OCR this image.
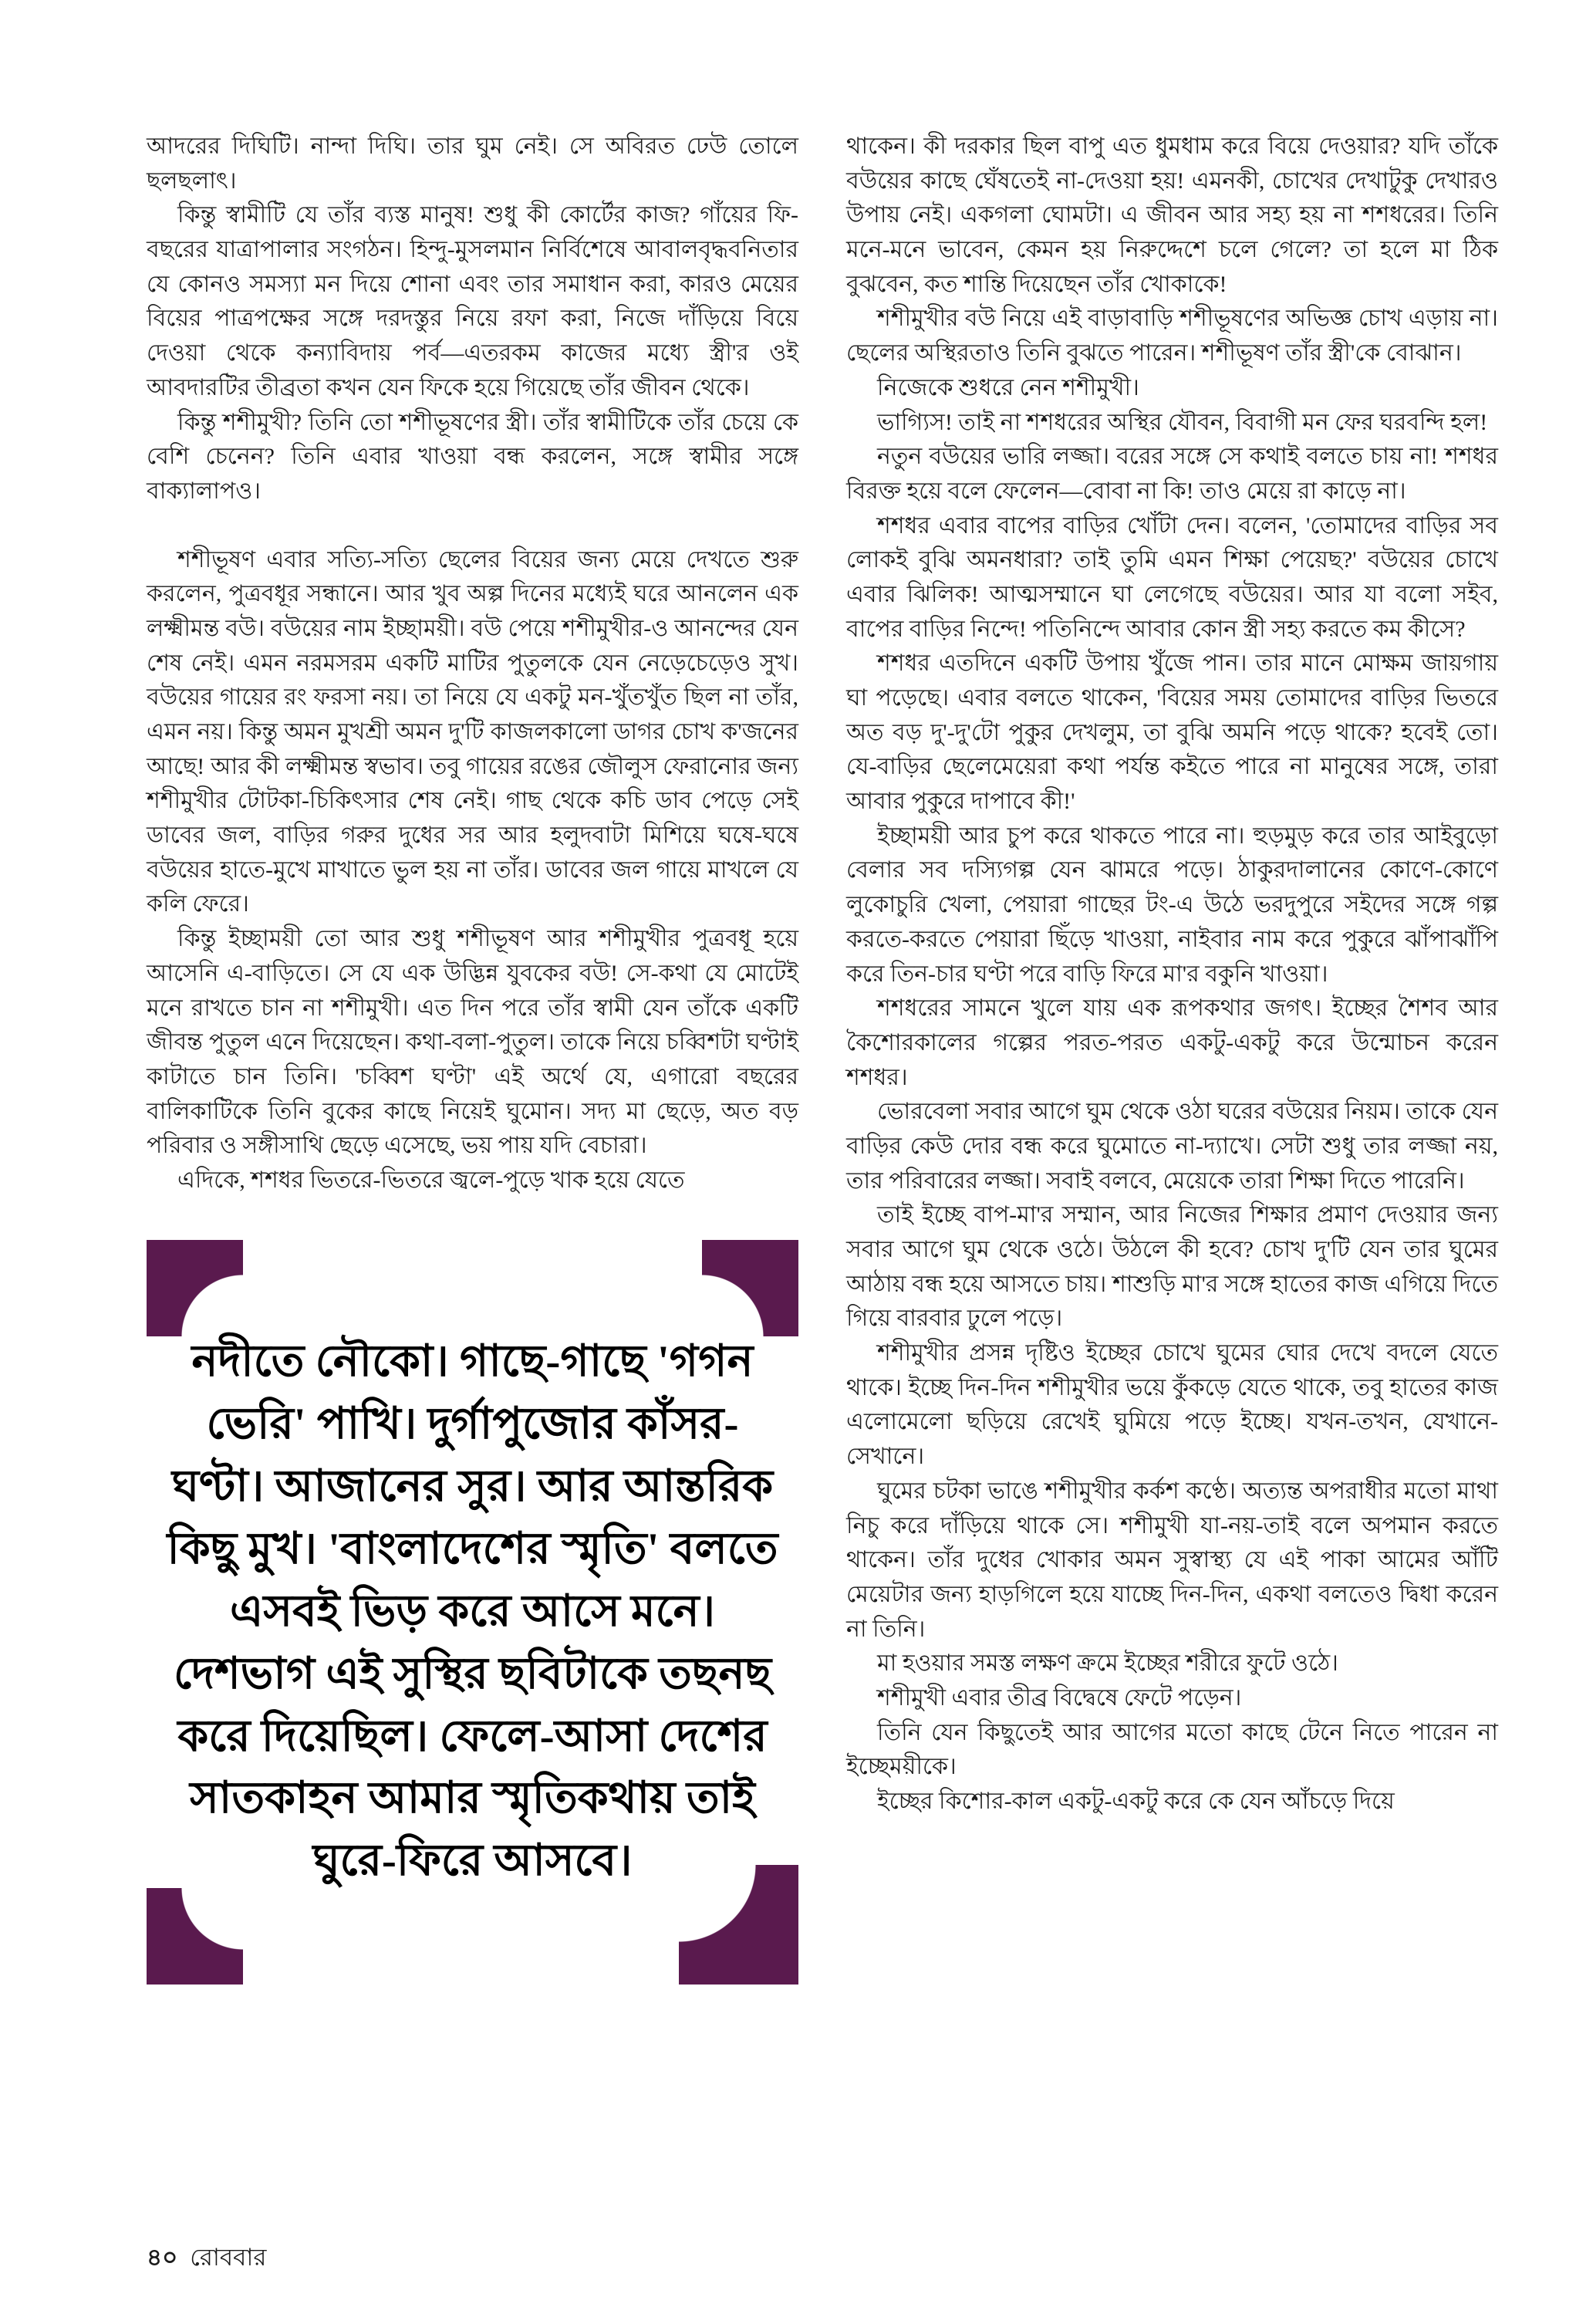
আদরের দিঘিটি। নান্দা দিঘি। তার ঘুম নেই। সে অবিরত ঢেউ তোলে ছলছলাৎ।

কিন্তু স্বামীটি যে তাঁর ব্যস্ত মানুষ! শুধু কী কোর্টের কাজ? গাঁয়ের ফি-বছরের যাত্রাপালার সংগঠন। হিন্দু-মুসলমান নির্বিশেষে আবালবৃদ্ধবনিতার যে কোনও সমস্যা মন দিয়ে শোনা এবং তার সমাধান করা, কারও মেয়ের বিয়ের পাত্রপক্ষের সঙ্গে দরদস্তুর নিয়ে রফা করা, নিজে দাঁড়িয়ে বিয়ে দেওয়া থেকে কন্যাবিদায় পর্ব—এতরকম কাজের মধ্যে স্ত্রী'র ওই আবদারটির তীব্রতা কখন যেন ফিকে হয়ে গিয়েছে তাঁর জীবন থেকে।

কিন্তু শশীমুখী? তিনি তো শশীভূষণের স্ত্রী। তাঁর স্বামীটিকে তাঁর চেয়ে কে বেশি চেনেন? তিনি এবার খাওয়া বন্ধ করলেন, সঙ্গে স্বামীর সঙ্গে বাক্যালাপও।

শশীভূষণ এবার সত্যি-সত্যি ছেলের বিয়ের জন্য মেয়ে দেখতে শুরু করলেন, পুত্রবধূর সন্ধানে। আর খুব অল্প দিনের মধ্যেই ঘরে আনলেন এক লক্ষ্মীমন্ত বউ। বউয়ের নাম ইচ্ছাময়ী। বউ পেয়ে শশীমুখীর-ও আনন্দের যেন শেষ নেই। এমন নরমসরম একটি মাটির পুতুলকে যেন নেড়েচেড়েও সুখ। বউয়ের গায়ের রং ফরসা নয়। তা নিয়ে যে একটু মন-খুঁতখুঁত ছিল না তাঁর, এমন নয়। কিন্তু অমন মুখশ্রী অমন দু'টি কাজলকালো ডাগর চোখ ক'জনের আছে! আর কী লক্ষ্মীমন্ত স্বভাব। তবু গায়ের রঙের জৌলুস ফেরানোর জন্য শশীমুখীর টোটকা-চিকিৎসার শেষ নেই। গাছ থেকে কচি ডাব পেড়ে সেই ডাবের জল, বাড়ির গরুর দুধের সর আর হলুদবাটা মিশিয়ে ঘষে-ঘষে বউয়ের হাতে-মুখে মাখাতে ভুল হয় না তাঁর। ডাবের জল গায়ে মাখলে যে কলি ফেরে।

কিন্তু ইচ্ছাময়ী তো আর শুধু শশীভূষণ আর শশীমুখীর পুত্রবধূ হয়ে আসেনি এ-বাড়িতে। সে যে এক উদ্ভিন্ন যুবকের বউ! সে-কথা যে মোটেই মনে রাখতে চান না শশীমুখী। এত দিন পরে তাঁর স্বামী যেন তাঁকে একটি জীবন্ত পুতুল এনে দিয়েছেন। কথা-বলা-পুতুল। তাকে নিয়ে চব্বিশটা ঘণ্টাই কাটাতে চান তিনি। 'চব্বিশ ঘণ্টা' এই অর্থে যে, এগারো বছরের বালিকাটিকে তিনি বুকের কাছে নিয়েই ঘুমোন। সদ্য মা ছেড়ে, অত বড় পরিবার ও সঙ্গীসাথি ছেড়ে এসেছে, ভয় পায় যদি বেচারা।

এদিকে, শশধর ভিতরে-ভিতরে জ্বলে-পুড়ে খাক হয়ে যেতে

নদীতে নৌকো। গাছে-গাছে 'গগন ভেরি' পাখি। দুর্গাপুজোর কাঁসর-ঘণ্টা। আজানের সুর। আর আন্তরিক কিছু মুখ। 'বাংলাদেশের স্মৃতি' বলতে এসবই ভিড় করে আসে মনে। দেশভাগ এই সুস্থির ছবিটাকে তছনছ করে দিয়েছিল। ফেলে-আসা দেশের সাতকাহন আমার স্মৃতিকথায় তাই ঘুরে-ফিরে আসবে।

থাকেন। কী দরকার ছিল বাপু এত ধুমধাম করে বিয়ে দেওয়ার? যদি তাঁকে বউয়ের কাছে ঘেঁষতেই না-দেওয়া হয়! এমনকী, চোখের দেখাটুকু দেখারও উপায় নেই। একগলা ঘোমটা। এ জীবন আর সহ্য হয় না শশধরের। তিনি মনে-মনে ভাবেন, কেমন হয় নিরুদ্দেশে চলে গেলে? তা হলে মা ঠিক বুঝবেন, কত শান্তি দিয়েছেন তাঁর খোকাকে!

শশীমুখীর বউ নিয়ে এই বাড়াবাড়ি শশীভূষণের অভিজ্ঞ চোখ এড়ায় না। ছেলের অস্থিরতাও তিনি বুঝতে পারেন। শশীভূষণ তাঁর স্ত্রী'কে বোঝান।

নিজেকে শুধরে নেন শশীমুখী।

ভাগ্যিস! তাই না শশধরের অস্থির যৌবন, বিবাগী মন ফের ঘরবন্দি হল!

নতুন বউয়ের ভারি লজ্জা। বরের সঙ্গে সে কথাই বলতে চায় না! শশধর বিরক্ত হয়ে বলে ফেলেন—বোবা না কি! তাও মেয়ে রা কাড়ে না।

শশধর এবার বাপের বাড়ির খোঁটা দেন। বলেন, 'তোমাদের বাড়ির সব লোকই বুঝি অমনধারা? তাই তুমি এমন শিক্ষা পেয়েছ?' বউয়ের চোখে এবার ঝিলিক! আত্মসম্মানে ঘা লেগেছে বউয়ের। আর যা বলো সইব, বাপের বাড়ির নিন্দে! পতিনিন্দে আবার কোন স্ত্রী সহ্য করতে কম কীসে?

শশধর এতদিনে একটি উপায় খুঁজে পান। তার মানে মোক্ষম জায়গায় ঘা পড়েছে। এবার বলতে থাকেন, 'বিয়ের সময় তোমাদের বাড়ির ভিতরে অত বড় দু'-দু'টো পুকুর দেখলুম, তা বুঝি অমনি পড়ে থাকে? হবেই তো। যে-বাড়ির ছেলেমেয়েরা কথা পর্যন্ত কইতে পারে না মানুষের সঙ্গে, তারা আবার পুকুরে দাপাবে কী!'

ইচ্ছাময়ী আর চুপ করে থাকতে পারে না। হুড়মুড় করে তার আইবুড়ো বেলার সব দস্যিগল্প যেন ঝামরে পড়ে। ঠাকুরদালানের কোণে-কোণে লুকোচুরি খেলা, পেয়ারা গাছের টং-এ উঠে ভরদুপুরে সইদের সঙ্গে গল্প করতে-করতে পেয়ারা ছিঁড়ে খাওয়া, নাইবার নাম করে পুকুরে ঝাঁপাঝাঁপি করে তিন-চার ঘণ্টা পরে বাড়ি ফিরে মা'র বকুনি খাওয়া।

শশধরের সামনে খুলে যায় এক রূপকথার জগৎ। ইচ্ছের শৈশব আর কৈশোরকালের গল্পের পরত-পরত একটু-একটু করে উন্মোচন করেন শশধর।

ভোরবেলা সবার আগে ঘুম থেকে ওঠা ঘরের বউয়ের নিয়ম। তাকে যেন বাড়ির কেউ দোর বন্ধ করে ঘুমোতে না-দ্যাখে। সেটা শুধু তার লজ্জা নয়, তার পরিবারের লজ্জা। সবাই বলবে, মেয়েকে তারা শিক্ষা দিতে পারেনি।

তাই ইচ্ছে বাপ-মা'র সম্মান, আর নিজের শিক্ষার প্রমাণ দেওয়ার জন্য সবার আগে ঘুম থেকে ওঠে। উঠলে কী হবে? চোখ দু'টি যেন তার ঘুমের আঠায় বন্ধ হয়ে আসতে চায়। শাশুড়ি মা'র সঙ্গে হাতের কাজ এগিয়ে দিতে গিয়ে বারবার ঢুলে পড়ে।

শশীমুখীর প্রসন্ন দৃষ্টিও ইচ্ছের চোখে ঘুমের ঘোর দেখে বদলে যেতে থাকে। ইচ্ছে দিন-দিন শশীমুখীর ভয়ে কুঁকড়ে যেতে থাকে, তবু হাতের কাজ এলোমেলো ছড়িয়ে রেখেই ঘুমিয়ে পড়ে ইচ্ছে। যখন-তখন, যেখানে-সেখানে।

ঘুমের চটকা ভাঙে শশীমুখীর কর্কশ কণ্ঠে। অত্যন্ত অপরাধীর মতো মাথা নিচু করে দাঁড়িয়ে থাকে সে। শশীমুখী যা-নয়-তাই বলে অপমান করতে থাকেন। তাঁর দুধের খোকার অমন সুস্বাস্থ্য যে এই পাকা আমের আঁটি মেয়েটার জন্য হাড়গিলে হয়ে যাচ্ছে দিন-দিন, একথা বলতেও দ্বিধা করেন না তিনি।

মা হওয়ার সমস্ত লক্ষণ ক্রমে ইচ্ছের শরীরে ফুটে ওঠে।

শশীমুখী এবার তীব্র বিদ্বেষে ফেটে পড়েন।

তিনি যেন কিছুতেই আর আগের মতো কাছে টেনে নিতে পারেন না ইচ্ছেময়ীকে।

ইচ্ছের কিশোর-কাল একটু-একটু করে কে যেন আঁচড়ে দিয়ে

৪০ রোববার
